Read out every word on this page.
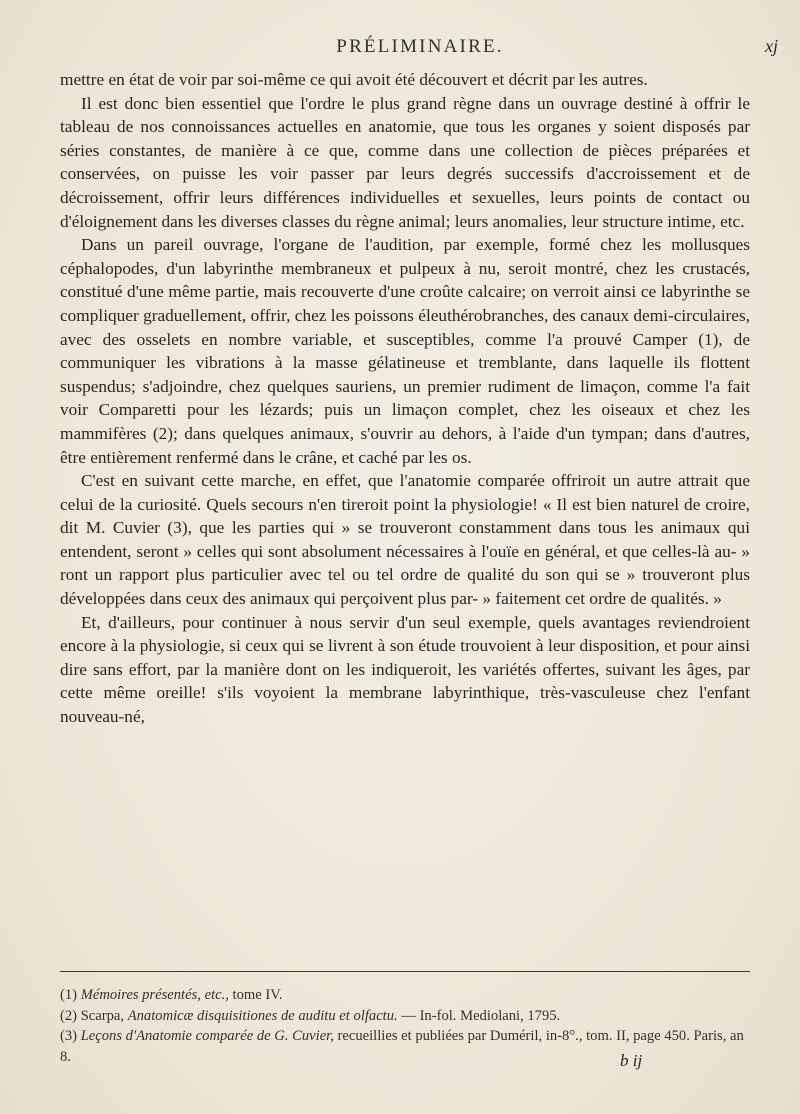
PRÉLIMINAIRE.	xj

mettre en état de voir par soi-même ce qui avoit été découvert et décrit par les autres.

Il est donc bien essentiel que l'ordre le plus grand règne dans un ouvrage destiné à offrir le tableau de nos connoissances actuelles en anatomie, que tous les organes y soient disposés par séries constantes, de manière à ce que, comme dans une collection de pièces préparées et conservées, on puisse les voir passer par leurs degrés successifs d'accroissement et de décroissement, offrir leurs différences individuelles et sexuelles, leurs points de contact ou d'éloignement dans les diverses classes du règne animal; leurs anomalies, leur structure intime, etc.

Dans un pareil ouvrage, l'organe de l'audition, par exemple, formé chez les mollusques céphalopodes, d'un labyrinthe membraneux et pulpeux à nu, seroit montré, chez les crustacés, constitué d'une même partie, mais recouverte d'une croûte calcaire; on verroit ainsi ce labyrinthe se compliquer graduellement, offrir, chez les poissons éleuthérobranches, des canaux demi-circulaires, avec des osselets en nombre variable, et susceptibles, comme l'a prouvé Camper (1), de communiquer les vibrations à la masse gélatineuse et tremblante, dans laquelle ils flottent suspendus; s'adjoindre, chez quelques sauriens, un premier rudiment de limaçon, comme l'a fait voir Comparetti pour les lézards; puis un limaçon complet, chez les oiseaux et chez les mammifères (2); dans quelques animaux, s'ouvrir au dehors, à l'aide d'un tympan; dans d'autres, être entièrement renfermé dans le crâne, et caché par les os.

C'est en suivant cette marche, en effet, que l'anatomie comparée offriroit un autre attrait que celui de la curiosité. Quels secours n'en tireroit point la physiologie! « Il est bien naturel de croire, dit M. Cuvier (3), que les parties qui » se trouveront constamment dans tous les animaux qui entendent, seront » celles qui sont absolument nécessaires à l'ouïe en général, et que celles-là au- » ront un rapport plus particulier avec tel ou tel ordre de qualité du son qui se » trouveront plus développées dans ceux des animaux qui perçoivent plus par- » faitement cet ordre de qualités. »

Et, d'ailleurs, pour continuer à nous servir d'un seul exemple, quels avantages reviendroient encore à la physiologie, si ceux qui se livrent à son étude trouvoient à leur disposition, et pour ainsi dire sans effort, par la manière dont on les indiqueroit, les variétés offertes, suivant les âges, par cette même oreille! s'ils voyoient la membrane labyrinthique, très-vasculeuse chez l'enfant nouveau-né,

(1) Mémoires présentés, etc., tome IV.
(2) Scarpa, Anatomicæ disquisitiones de auditu et olfactu. — In-fol. Mediolani, 1795.
(3) Leçons d'Anatomie comparée de G. Cuvier, recueillies et publiées par Duméril, in-8°., tom. II, page 450. Paris, an 8.	b ij
